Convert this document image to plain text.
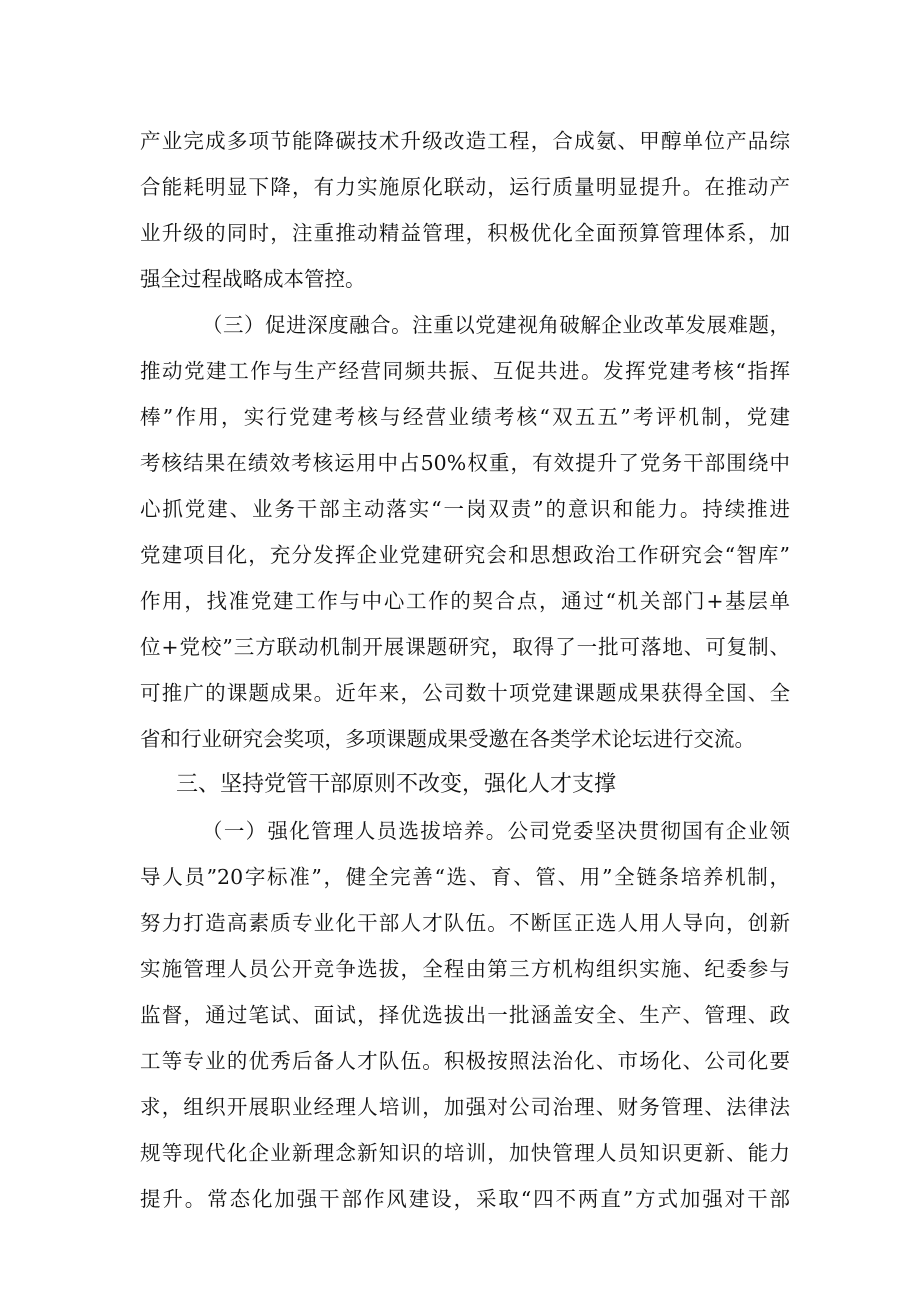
产业完成多项节能降碳技术升级改造工程，合成氨、甲醇单位产品综
合能耗明显下降，有力实施原化联动，运行质量明显提升。在推动产
业升级的同时，注重推动精益管理，积极优化全面预算管理体系，加
强全过程战略成本管控。
（三）促进深度融合。注重以党建视角破解企业改革发展难题，
推动党建工作与生产经营同频共振、互促共进。发挥党建考核“指挥
棒”作用，实行党建考核与经营业绩考核“双五五”考评机制，党建
考核结果在绩效考核运用中占50%权重，有效提升了党务干部围绕中
心抓党建、业务干部主动落实“一岗双责”的意识和能力。持续推进
党建项目化，充分发挥企业党建研究会和思想政治工作研究会“智库”
作用，找准党建工作与中心工作的契合点，通过“机关部门+基层单
位+党校”三方联动机制开展课题研究，取得了一批可落地、可复制、
可推广的课题成果。近年来，公司数十项党建课题成果获得全国、全
省和行业研究会奖项，多项课题成果受邀在各类学术论坛进行交流。
三、坚持党管干部原则不改变，强化人才支撑
（一）强化管理人员选拔培养。公司党委坚决贯彻国有企业领
导人员”20字标准”，健全完善“选、育、管、用”全链条培养机制，
努力打造高素质专业化干部人才队伍。不断匡正选人用人导向，创新
实施管理人员公开竞争选拔，全程由第三方机构组织实施、纪委参与
监督，通过笔试、面试，择优选拔出一批涵盖安全、生产、管理、政
工等专业的优秀后备人才队伍。积极按照法治化、市场化、公司化要
求，组织开展职业经理人培训，加强对公司治理、财务管理、法律法
规等现代化企业新理念新知识的培训，加快管理人员知识更新、能力
提升。常态化加强干部作风建设，采取“四不两直”方式加强对干部
